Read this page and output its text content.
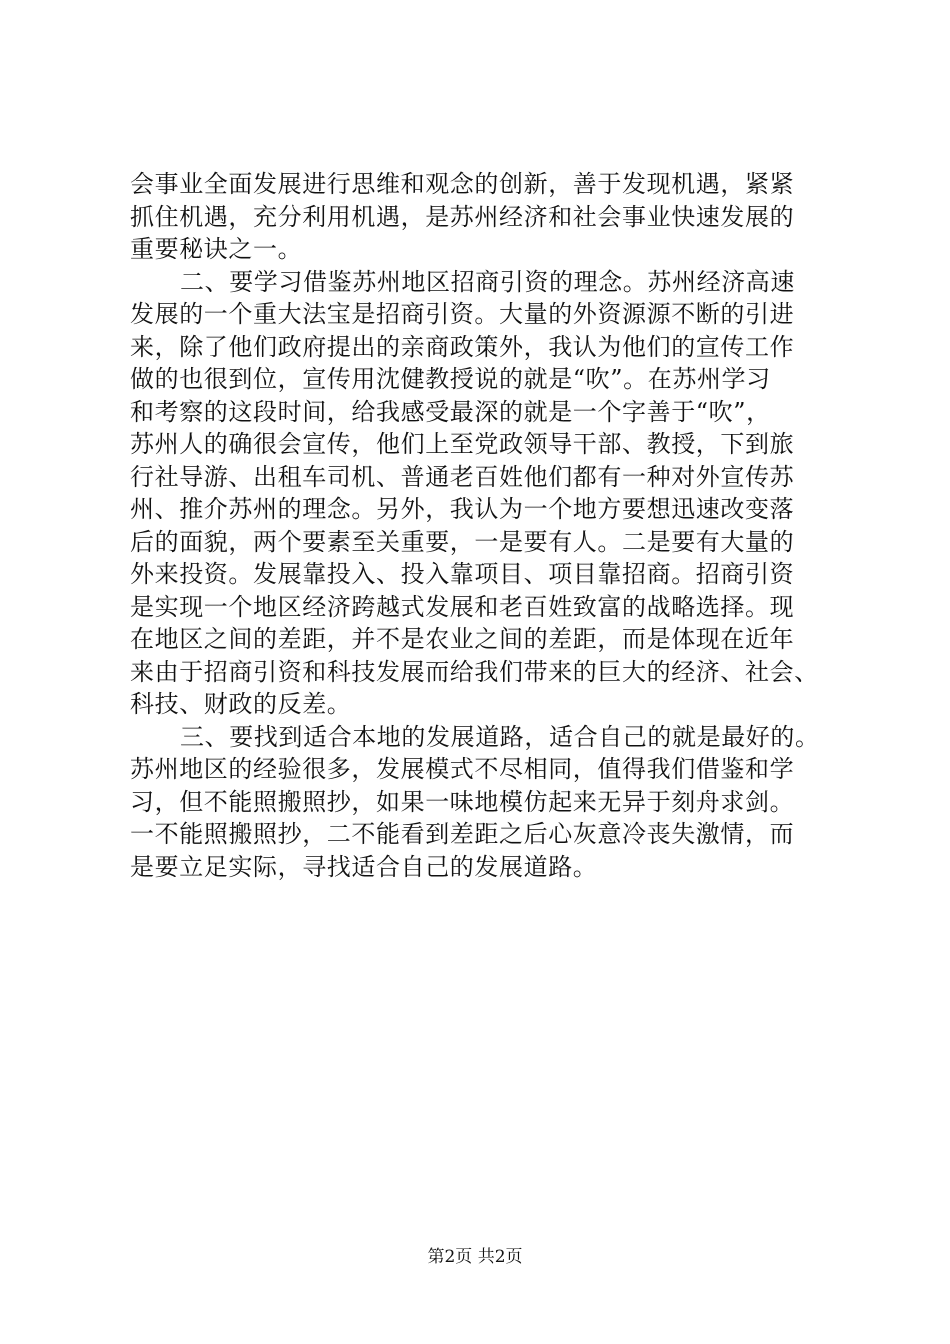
会事业全面发展进行思维和观念的创新，善于发现机遇，紧紧
抓住机遇，充分利用机遇，是苏州经济和社会事业快速发展的
重要秘诀之一。
二、要学习借鉴苏州地区招商引资的理念。苏州经济高速
发展的一个重大法宝是招商引资。大量的外资源源不断的引进
来，除了他们政府提出的亲商政策外，我认为他们的宣传工作
做的也很到位，宣传用沈健教授说的就是“吹”。在苏州学习
和考察的这段时间，给我感受最深的就是一个字善于“吹”，
苏州人的确很会宣传，他们上至党政领导干部、教授，下到旅
行社导游、出租车司机、普通老百姓他们都有一种对外宣传苏
州、推介苏州的理念。另外，我认为一个地方要想迅速改变落
后的面貌，两个要素至关重要，一是要有人。二是要有大量的
外来投资。发展靠投入、投入靠项目、项目靠招商。招商引资
是实现一个地区经济跨越式发展和老百姓致富的战略选择。现
在地区之间的差距，并不是农业之间的差距，而是体现在近年
来由于招商引资和科技发展而给我们带来的巨大的经济、社会、
科技、财政的反差。
三、要找到适合本地的发展道路，适合自己的就是最好的。
苏州地区的经验很多，发展模式不尽相同，值得我们借鉴和学
习，但不能照搬照抄，如果一味地模仿起来无异于刻舟求剑。
一不能照搬照抄，二不能看到差距之后心灰意冷丧失激情，而
是要立足实际，寻找适合自己的发展道路。
第2页 共2页
